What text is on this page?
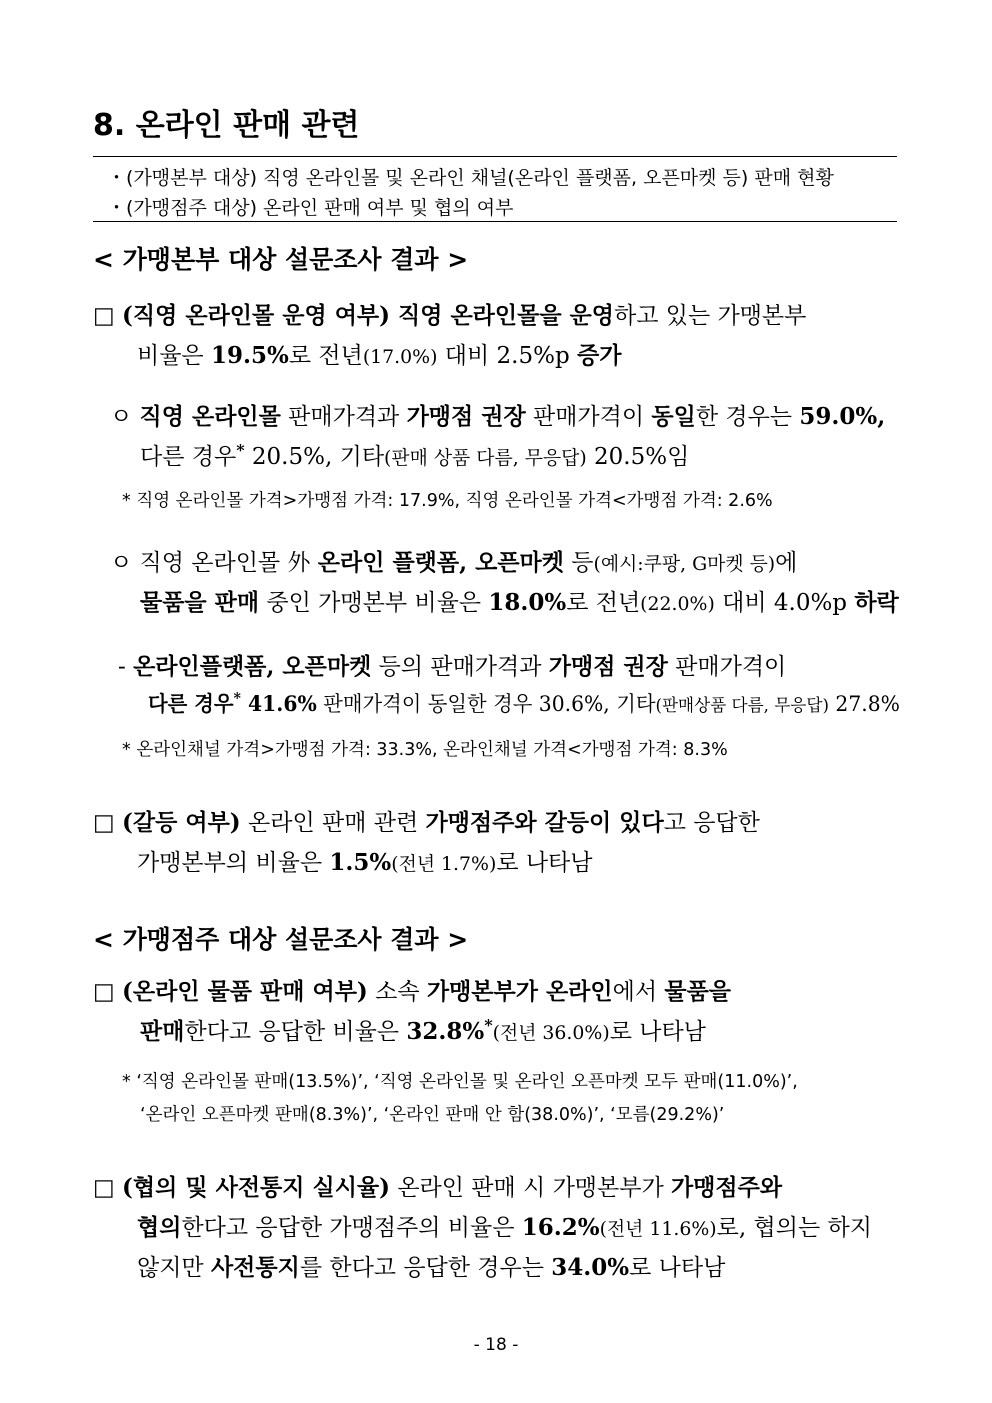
8. 온라인 판매 관련
・(가맹본부 대상) 직영 온라인몰 및 온라인 채널(온라인 플랫폼, 오픈마켓 등) 판매 현황
・(가맹점주 대상) 온라인 판매 여부 및 협의 여부
< 가맹본부 대상 설문조사 결과 >
□ (직영 온라인몰 운영 여부) 직영 온라인몰을 운영하고 있는 가맹본부
비율은 19.5%로 전년(17.0%) 대비 2.5%p 증가
ㅇ 직영 온라인몰 판매가격과 가맹점 권장 판매가격이 동일한 경우는 59.0%,
다른 경우* 20.5%, 기타(판매 상품 다름, 무응답) 20.5%임
* 직영 온라인몰 가격>가맹점 가격: 17.9%, 직영 온라인몰 가격<가맹점 가격: 2.6%
ㅇ 직영 온라인몰 外 온라인 플랫폼, 오픈마켓 등(예시:쿠팡, G마켓 등)에
물품을 판매 중인 가맹본부 비율은 18.0%로 전년(22.0%) 대비 4.0%p 하락
- 온라인플랫폼, 오픈마켓 등의 판매가격과 가맹점 권장 판매가격이
다른 경우* 41.6% 판매가격이 동일한 경우 30.6%, 기타(판매상품 다름, 무응답) 27.8%
* 온라인채널 가격>가맹점 가격: 33.3%, 온라인채널 가격<가맹점 가격: 8.3%
□ (갈등 여부) 온라인 판매 관련 가맹점주와 갈등이 있다고 응답한
가맹본부의 비율은 1.5%(전년 1.7%)로 나타남
< 가맹점주 대상 설문조사 결과 >
□ (온라인 물품 판매 여부) 소속 가맹본부가 온라인에서 물품을
판매한다고 응답한 비율은 32.8%*(전년 36.0%)로 나타남
* ‘직영 온라인몰 판매(13.5%)’, ‘직영 온라인몰 및 온라인 오픈마켓 모두 판매(11.0%)’,
‘온라인 오픈마켓 판매(8.3%)’, ‘온라인 판매 안 함(38.0%)’, ‘모름(29.2%)’
□ (협의 및 사전통지 실시율) 온라인 판매 시 가맹본부가 가맹점주와
협의한다고 응답한 가맹점주의 비율은 16.2%(전년 11.6%)로, 협의는 하지
않지만 사전통지를 한다고 응답한 경우는 34.0%로 나타남
- 18 -
